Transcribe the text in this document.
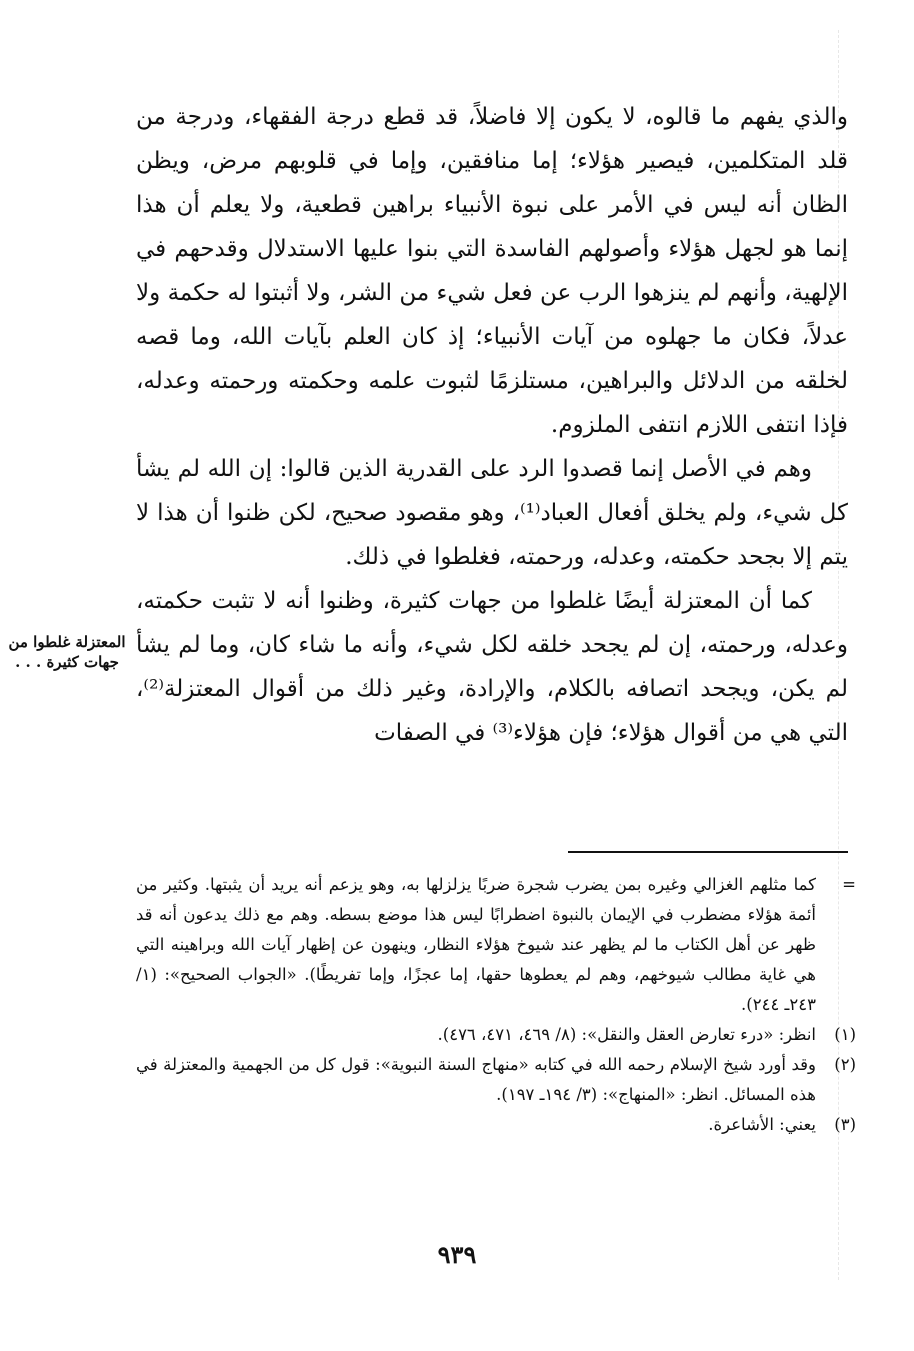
والذي يفهم ما قالوه، لا يكون إلا فاضلاً، قد قطع درجة الفقهاء، ودرجة من قلد المتكلمين، فيصير هؤلاء؛ إما منافقين، وإما في قلوبهم مرض، ويظن الظان أنه ليس في الأمر على نبوة الأنبياء براهين قطعية، ولا يعلم أن هذا إنما هو لجهل هؤلاء وأصولهم الفاسدة التي بنوا عليها الاستدلال وقدحهم في الإلهية، وأنهم لم ينزهوا الرب عن فعل شيء من الشر، ولا أثبتوا له حكمة ولا عدلاً، فكان ما جهلوه من آيات الأنبياء؛ إذ كان العلم بآيات الله، وما قصه لخلقه من الدلائل والبراهين، مستلزمًا لثبوت علمه وحكمته ورحمته وعدله، فإذا انتفى اللازم انتفى الملزوم.

وهم في الأصل إنما قصدوا الرد على القدرية الذين قالوا: إن الله لم يشأ كل شيء، ولم يخلق أفعال العباد⁽¹⁾، وهو مقصود صحيح، لكن ظنوا أن هذا لا يتم إلا بجحد حكمته، وعدله، ورحمته، فغلطوا في ذلك.

كما أن المعتزلة أيضًا غلطوا من جهات كثيرة، وظنوا أنه لا تثبت حكمته، وعدله، ورحمته، إن لم يجحد خلقه لكل شيء، وأنه ما شاء كان، وما لم يشأ لم يكن، ويجحد اتصافه بالكلام، والإرادة، وغير ذلك من أقوال المعتزلة⁽²⁾، التي هي من أقوال هؤلاء؛ فإن هؤلاء⁽³⁾ في الصفات

المعتزلة غلطوا من جهات كثيرة . . .
=
كما مثلهم الغزالي وغيره بمن يضرب شجرة ضربًا يزلزلها به، وهو يزعم أنه يريد أن يثبتها. وكثير من أئمة هؤلاء مضطرب في الإيمان بالنبوة اضطرابًا ليس هذا موضع بسطه. وهم مع ذلك يدعون أنه قد ظهر عن أهل الكتاب ما لم يظهر عند شيوخ هؤلاء النظار، وينهون عن إظهار آيات الله وبراهينه التي هي غاية مطالب شيوخهم، وهم لم يعطوها حقها، إما عجزًا، وإما تفريطًا). «الجواب الصحيح»: (١/ ٢٤٣ـ ٢٤٤).
(١)
انظر: «درء تعارض العقل والنقل»: (٨/ ٤٦٩، ٤٧١، ٤٧٦).
(٢)
وقد أورد شيخ الإسلام رحمه الله في كتابه «منهاج السنة النبوية»: قول كل من الجهمية والمعتزلة في هذه المسائل. انظر: «المنهاج»: (٣/ ١٩٤ـ ١٩٧).
(٣)
يعني: الأشاعرة.
٩٣٩
